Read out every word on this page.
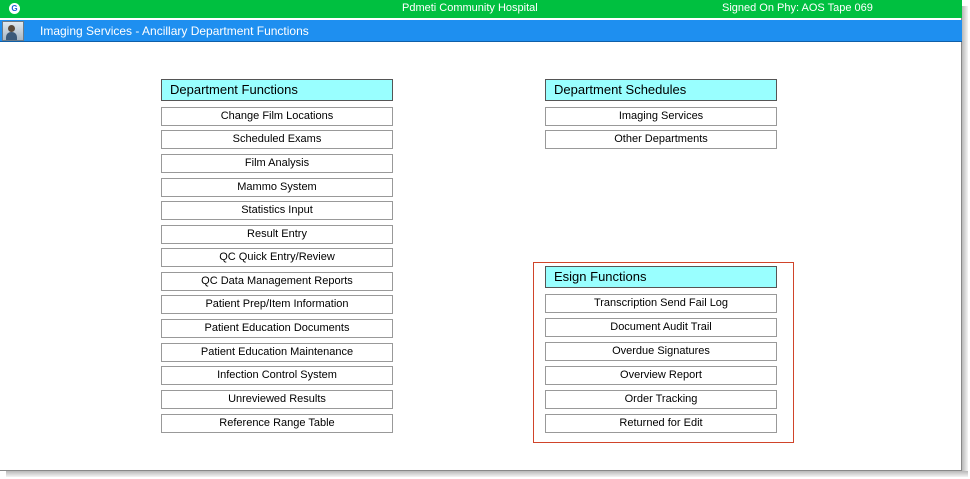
G	Pdmeti Community Hospital	Signed On Phy: AOS Tape 069
Imaging Services - Ancillary Department Functions
Department Functions
Change Film Locations
Scheduled Exams
Film Analysis
Mammo System
Statistics Input
Result Entry
QC Quick Entry/Review
QC Data Management Reports
Patient Prep/Item Information
Patient Education Documents
Patient Education Maintenance
Infection Control System
Unreviewed Results
Reference Range Table
Department Schedules
Imaging Services
Other Departments
Esign Functions
Transcription Send Fail Log
Document Audit Trail
Overdue Signatures
Overview Report
Order Tracking
Returned for Edit
